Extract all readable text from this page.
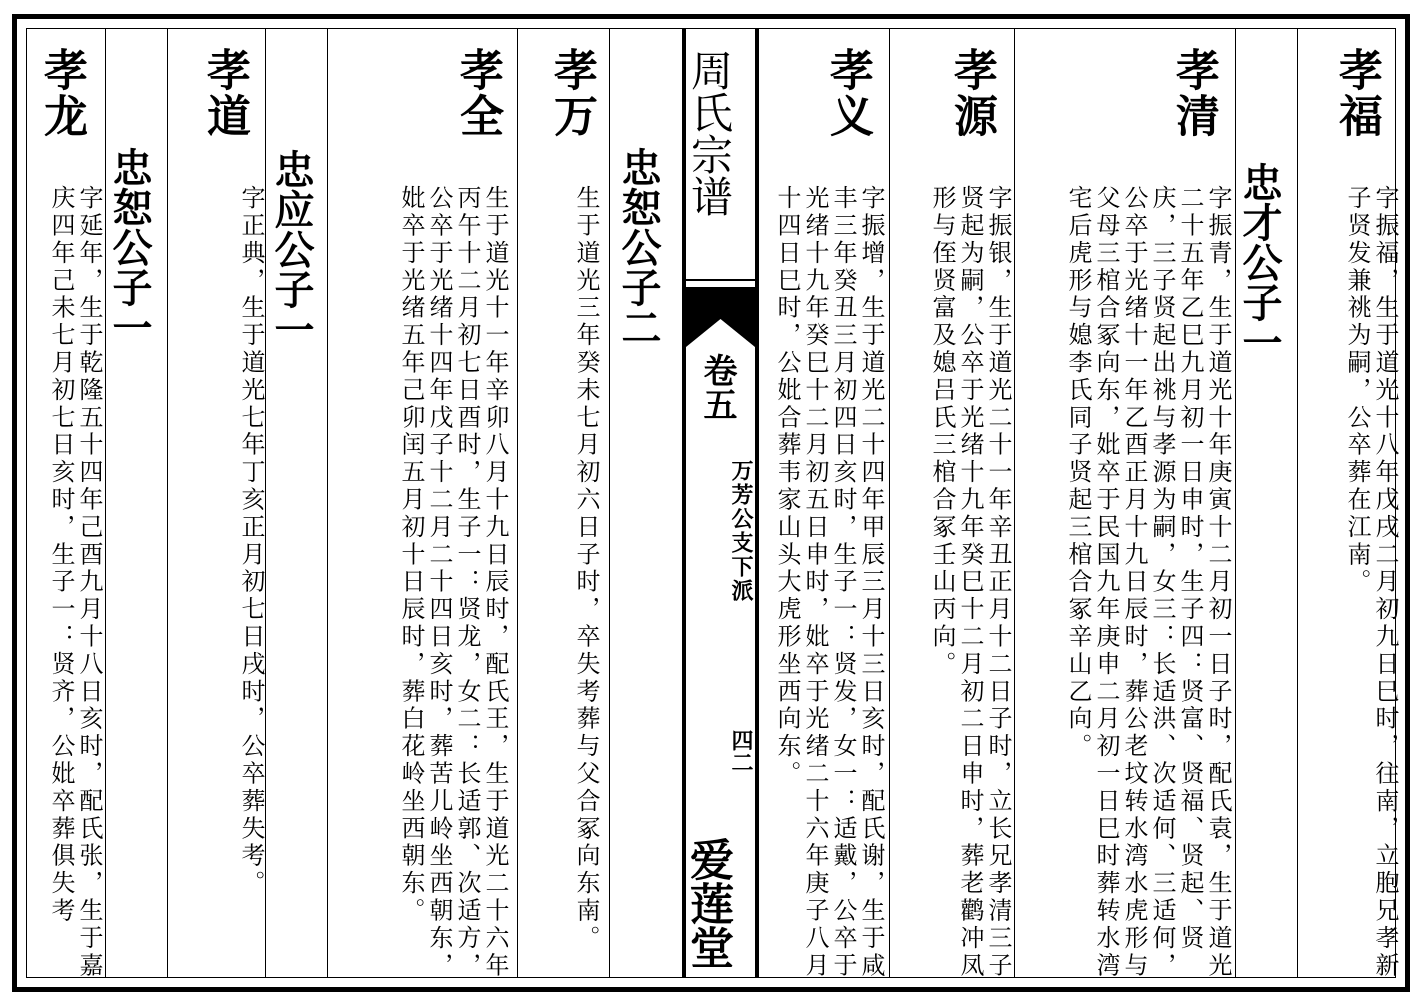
孝福
字振福，生于道光十八年戊戌二月初九日巳时，往南，立胞兄孝新子贤发兼祧为嗣，公卒葬在江南。
忠才公子一
孝清
字振青，生于道光十年庚寅十二月初一日子时，配氏袁，生于道光二十五年乙巳九月初一日申时，生子四：贤富、贤福、贤起、贤庆，三子贤起出祧与孝源为嗣，女三：长适洪、次适何、三适何，公卒于光绪十一年乙酉正月十九日辰时，葬公老坟转水湾水虎形与父母三棺合冢向东，妣卒于民国九年庚申二月初一日巳时葬转水湾宅后虎形与媳李氏同子贤起三棺合冢辛山乙向。
孝源
字振银，生于道光二十一年辛丑正月十二日子时，立长兄孝清三子贤起为嗣，公卒于光绪十九年癸巳十二月初二日申时，葬老鹳冲凤形与侄贤富及媳吕氏三棺合冢壬山丙向。
孝义
字振增，生于道光二十四年甲辰三月十三日亥时，配氏谢，生于咸丰三年癸丑三月初四日亥时，生子一：贤发，女一：适戴，公卒于光绪十九年癸巳十二月初五日申时，妣卒于光绪二十六年庚子八月十四日巳时，公妣合葬韦家山头大虎形坐西向东。
周氏宗谱
卷五
万芳公支下派
四二
爱莲堂
忠恕公子二
孝万
生于道光三年癸未七月初六日子时，卒失考葬与父合冢向东南。
孝全
生于道光十一年辛卯八月十九日辰时，配氏王，生于道光二十六年丙午十二月初七日酉时，生子一：贤龙，女二：长适郭、次适方，公卒于光绪十四年戊子十二月二十四日亥时，葬苦儿岭坐西朝东，妣卒于光绪五年己卯闰五月初十日辰时，葬白花岭坐西朝东。
忠应公子一
孝道
字正典，生于道光七年丁亥正月初七日戌时，公卒葬失考。
忠恕公子一
孝龙
字延年，生于乾隆五十四年己酉九月十八日亥时，配氏张，生于嘉庆四年己未七月初七日亥时，生子一：贤齐，公妣卒葬俱失考
